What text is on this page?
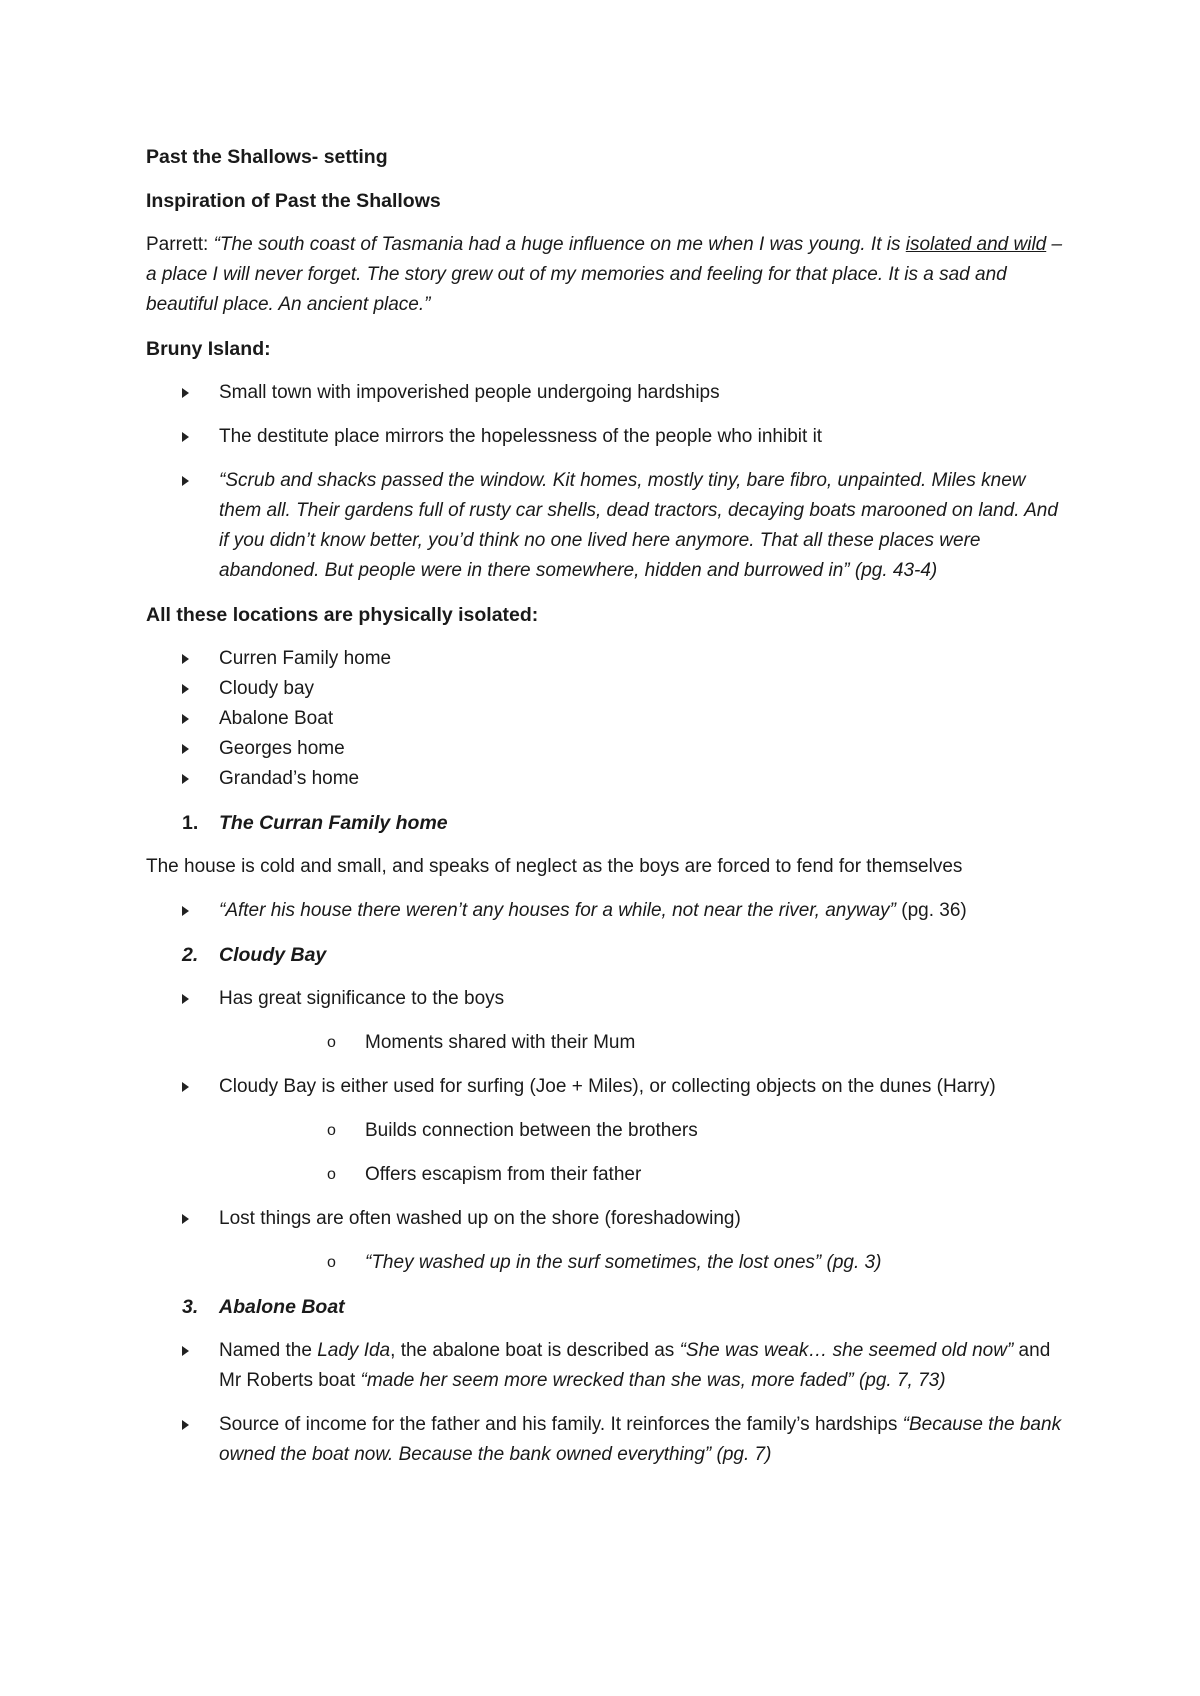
Past the Shallows- setting
Inspiration of Past the Shallows

Parrett: “The south coast of Tasmania had a huge influence on me when I was young. It is isolated and wild – a place I will never forget. The story grew out of my memories and feeling for that place. It is a sad and beautiful place. An ancient place.”

Bruny Island:
Small town with impoverished people undergoing hardships
The destitute place mirrors the hopelessness of the people who inhibit it
“Scrub and shacks passed the window. Kit homes, mostly tiny, bare fibro, unpainted. Miles knew them all. Their gardens full of rusty car shells, dead tractors, decaying boats marooned on land. And if you didn’t know better, you’d think no one lived here anymore. That all these places were abandoned. But people were in there somewhere, hidden and burrowed in” (pg. 43-4)
All these locations are physically isolated:
Curren Family home
Cloudy bay
Abalone Boat
Georges home
Grandad’s home
1. The Curran Family home

The house is cold and small, and speaks of neglect as the boys are forced to fend for themselves

“After his house there weren’t any houses for a while, not near the river, anyway” (pg. 36)
2. Cloudy Bay
Has great significance to the boys
o Moments shared with their Mum
Cloudy Bay is either used for surfing (Joe + Miles), or collecting objects on the dunes (Harry)
o Builds connection between the brothers
o Offers escapism from their father
Lost things are often washed up on the shore (foreshadowing)
o “They washed up in the surf sometimes, the lost ones” (pg. 3)
3. Abalone Boat
Named the Lady Ida, the abalone boat is described as “She was weak… she seemed old now” and Mr Roberts boat “made her seem more wrecked than she was, more faded” (pg. 7, 73)
Source of income for the father and his family. It reinforces the family’s hardships “Because the bank owned the boat now. Because the bank owned everything” (pg. 7)
